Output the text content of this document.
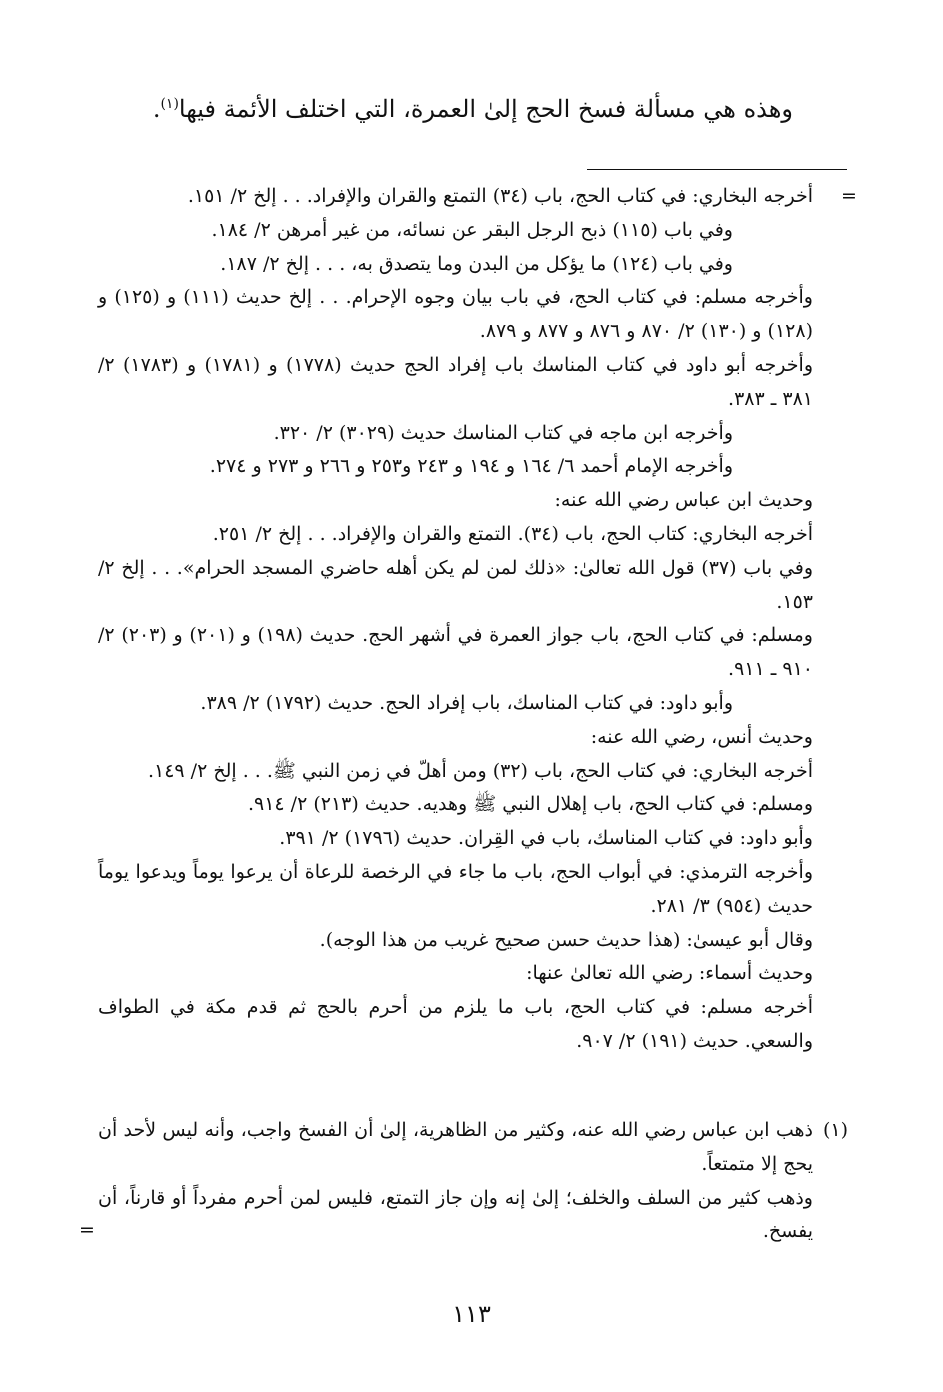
وهذه هي مسألة فسخ الحج إلىٰ العمرة، التي اختلف الأئمة فيها$^{(١)}$.
=

أخرجه البخاري: في كتاب الحج، باب (٣٤) التمتع والقران والإفراد. . . إلخ ٢/ ١٥١.

وفي باب (١١٥) ذبح الرجل البقر عن نسائه، من غير أمرهن ٢/ ١٨٤.

وفي باب (١٢٤) ما يؤكل من البدن وما يتصدق به، . . . إلخ ٢/ ١٨٧.

وأخرجه مسلم: في كتاب الحج، في باب بيان وجوه الإحرام. . . إلخ حديث (١١١) و (١٢٥) و (١٢٨) و (١٣٠) ٢/ ٨٧٠ و ٨٧٦ و ٨٧٧ و ٨٧٩.

وأخرجه أبو داود في كتاب المناسك باب إفراد الحج حديث (١٧٧٨) و (١٧٨١) و (١٧٨٣) ٢/ ٣٨١ ـ ٣٨٣.

وأخرجه ابن ماجه في كتاب المناسك حديث (٣٠٢٩) ٢/ ٣٢٠.

وأخرجه الإمام أحمد ٦/ ١٦٤ و ١٩٤ و ٢٤٣ و٢٥٣ و ٢٦٦ و ٢٧٣ و ٢٧٤.

وحديث ابن عباس رضي الله عنه:

أخرجه البخاري: كتاب الحج، باب (٣٤). التمتع والقران والإفراد. . . إلخ ٢/ ٢٥١.

وفي باب (٣٧) قول الله تعالىٰ: «ذلك لمن لم يكن أهله حاضري المسجد الحرام». . . إلخ ٢/ ١٥٣.

ومسلم: في كتاب الحج، باب جواز العمرة في أشهر الحج. حديث (١٩٨) و (٢٠١) و (٢٠٣) ٢/ ٩١٠ ـ ٩١١.

وأبو داود: في كتاب المناسك، باب إفراد الحج. حديث (١٧٩٢) ٢/ ٣٨٩.

وحديث أنس، رضي الله عنه:

أخرجه البخاري: في كتاب الحج، باب (٣٢) ومن أهلّ في زمن النبي ﷺ. . . إلخ ٢/ ١٤٩.

ومسلم: في كتاب الحج، باب إهلال النبي ﷺ وهديه. حديث (٢١٣) ٢/ ٩١٤.

وأبو داود: في كتاب المناسك، باب في القِران. حديث (١٧٩٦) ٢/ ٣٩١.

وأخرجه الترمذي: في أبواب الحج، باب ما جاء في الرخصة للرعاة أن يرعوا يوماً ويدعوا يوماً حديث (٩٥٤) ٣/ ٢٨١.

وقال أبو عيسىٰ: (هذا حديث حسن صحيح غريب من هذا الوجه).

وحديث أسماء: رضي الله تعالىٰ عنها:

أخرجه مسلم: في كتاب الحج، باب ما يلزم من أحرم بالحج ثم قدم مكة في الطواف والسعي. حديث (١٩١) ٢/ ٩٠٧.

(١)

ذهب ابن عباس رضي الله عنه، وكثير من الظاهرية، إلىٰ أن الفسخ واجب، وأنه ليس لأحد أن يحج إلا متمتعاً.

وذهب كثير من السلف والخلف؛ إلىٰ إنه وإن جاز التمتع، فليس لمن أحرم مفرداً أو قارناً، أن يفسخ.

=
١١٣
